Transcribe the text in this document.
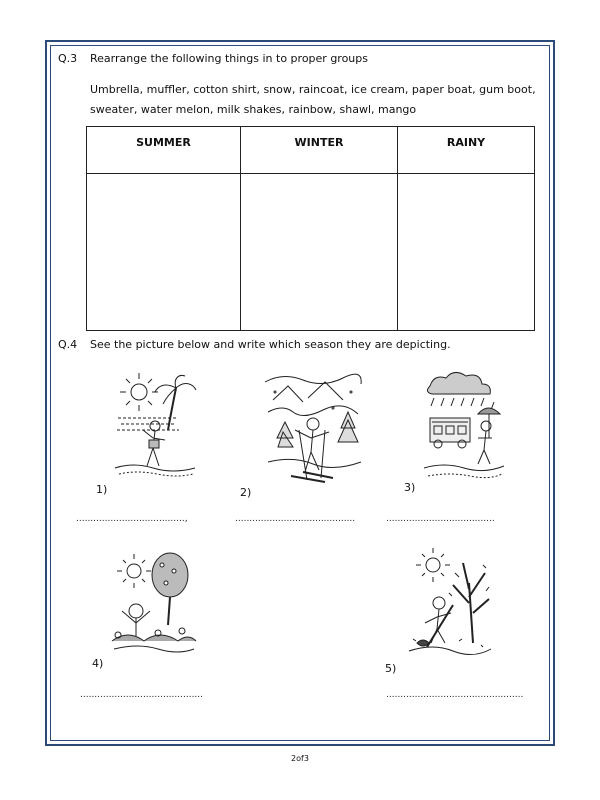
Q.3 Rearrange the following things in to proper groups
Umbrella, muffler, cotton shirt, snow, raincoat, ice cream, paper boat, gum boot,
sweater, water melon, milk shakes, rainbow, shawl, mango
SUMMER	WINTER	RAINY

Q.4 See the picture below and write which season they are depicting.
1)	2)	3)
4)	5)
......................................,	..........................................	......................................
...........................................	................................................
2of3
